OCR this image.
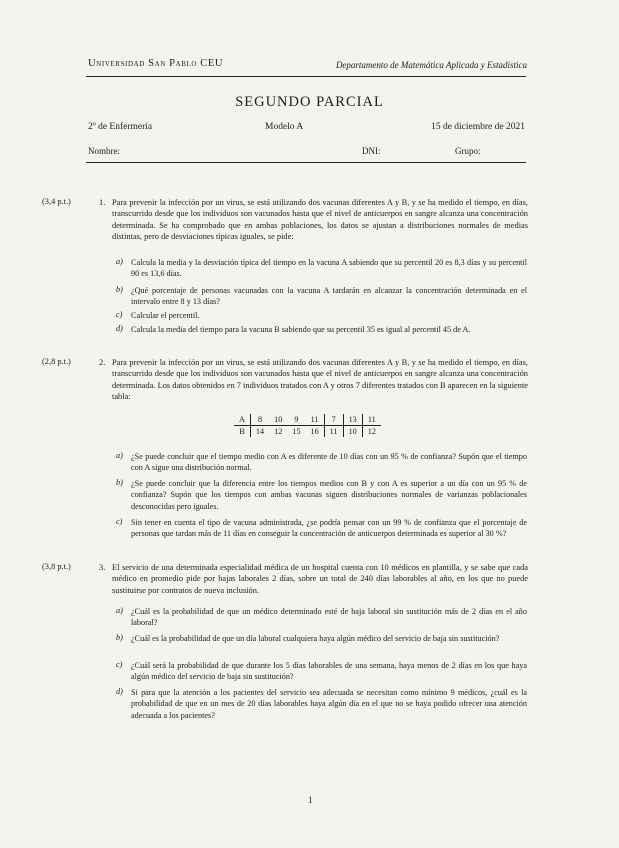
Universidad San Pablo CEU	Departamento de Matemática Aplicada y Estadística
SEGUNDO PARCIAL
2º de Enfermería	Modelo A	15 de diciembre de 2021
Nombre:	DNI:	Grupo:
(3,4 p.t.)	1. Para prevenir la infección por un virus, se está utilizando dos vacunas diferentes A y B, y se ha medido el tiempo, en días, transcurrido desde que los individuos son vacunados hasta que el nivel de anticuerpos en sangre alcanza una concentración determinada. Se ha comprobado que en ambas poblaciones, los datos se ajustan a distribuciones normales de medias distintas, pero de desviaciones típicas iguales, se pide:
a) Calcula la media y la desviación típica del tiempo en la vacuna A sabiendo que su percentil 20 es 8,3 días y su percentil 90 es 13,6 días.
b) ¿Qué porcentaje de personas vacunadas con la vacuna A tardarán en alcanzar la concentración determinada en el intervalo entre 8 y 13 días?
c) Calcular el percentil.
d) Calcula la media del tiempo para la vacuna B sabiendo que su percentil 35 es igual al percentil 45 de A.
(2,8 p.t.)	2. Para prevenir la infección por un virus, se está utilizando dos vacunas diferentes A y B, y se ha medido el tiempo, en días, transcurrido desde que los individuos son vacunados hasta que el nivel de anticuerpos en sangre alcanza una concentración determinada. Los datos obtenidos en 7 individuos tratados con A y otros 7 diferentes tratados con B aparecen en la siguiente tabla:
A	8	10	9	11	7	13	11
B	14	12	15	16	11	10	12
a) ¿Se puede concluir que el tiempo medio con A es diferente de 10 días con un 95 % de confianza? Supón que el tiempo con A sigue una distribución normal.
b) ¿Se puede concluir que la diferencia entre los tiempos medios con B y con A es superior a un día con un 95 % de confianza? Supón que los tiempos con ambas vacunas siguen distribuciones normales de varianzas poblacionales desconocidas pero iguales.
c) Sin tener en cuenta el tipo de vacuna administrada, ¿se podría pensar con un 99 % de confianza que el porcentaje de personas que tardan más de 11 días en conseguir la concentración de anticuerpos determinada es superior al 30 %?
(3,8 p.t.)	3. El servicio de una determinada especialidad médica de un hospital cuenta con 10 médicos en plantilla, y se sabe que cada médico en promedio pide por bajas laborales 2 días, sobre un total de 240 días laborables al año, en los que no puede sustituirse por contratos de nueva inclusión.
a) ¿Cuál es la probabilidad de que un médico determinado esté de baja laboral sin sustitución más de 2 días en el año laboral?
b) ¿Cuál es la probabilidad de que un día laboral cualquiera haya algún médico del servicio de baja sin sustitución?
c) ¿Cuál será la probabilidad de que durante los 5 días laborables de una semana, haya menos de 2 días en los que haya algún médico del servicio de baja sin sustitución?
d) Si para que la atención a los pacientes del servicio sea adecuada se necesitan como mínimo 9 médicos, ¿cuál es la probabilidad de que en un mes de 20 días laborables haya algún día en el que no se haya podido ofrecer una atención adecuada a los pacientes?
1
